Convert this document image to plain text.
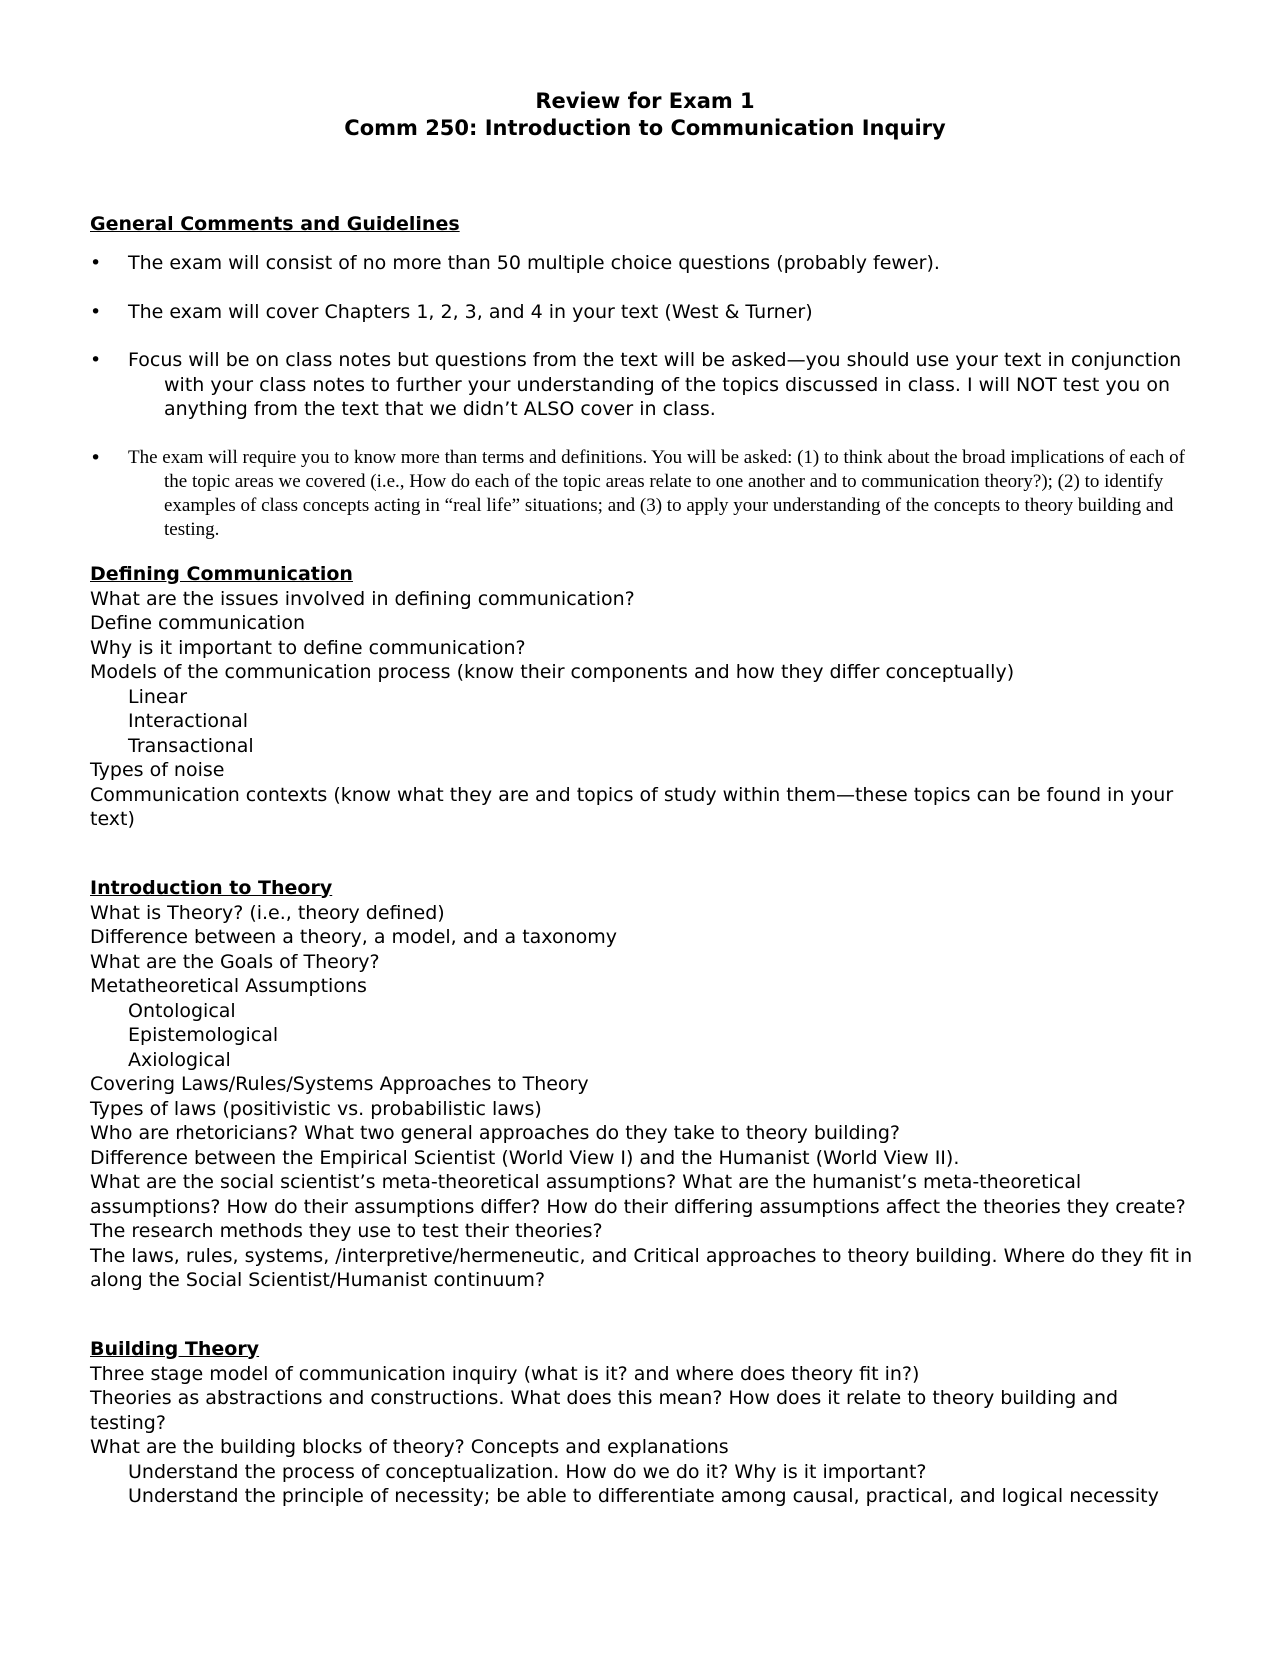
Review for Exam 1
Comm 250: Introduction to Communication Inquiry
General Comments and Guidelines
• The exam will consist of no more than 50 multiple choice questions (probably fewer).
• The exam will cover Chapters 1, 2, 3, and 4 in your text (West & Turner)
•	Focus will be on class notes but questions from the text will be asked—you should use your text in conjunction with your class notes to further your understanding of the topics discussed in class. I will NOT test you on anything from the text that we didn’t ALSO cover in class.
•	The exam will require you to know more than terms and definitions. You will be asked: (1) to think about the broad implications of each of the topic areas we covered (i.e., How do each of the topic areas relate to one another and to communication theory?); (2) to identify examples of class concepts acting in “real life” situations; and (3) to apply your understanding of the concepts to theory building and testing.
Defining Communication
What are the issues involved in defining communication?
Define communication
Why is it important to define communication?
Models of the communication process (know their components and how they differ conceptually)
Linear
Interactional
Transactional
Types of noise
Communication contexts (know what they are and topics of study within them—these topics can be found in your text)
Introduction to Theory
What is Theory? (i.e., theory defined)
Difference between a theory, a model, and a taxonomy
What are the Goals of Theory?
Metatheoretical Assumptions
Ontological
Epistemological
Axiological
Covering Laws/Rules/Systems Approaches to Theory
Types of laws (positivistic vs. probabilistic laws)
Who are rhetoricians? What two general approaches do they take to theory building?
Difference between the Empirical Scientist (World View I) and the Humanist (World View II).
What are the social scientist’s meta-theoretical assumptions? What are the humanist’s meta-theoretical assumptions? How do their assumptions differ? How do their differing assumptions affect the theories they create? The research methods they use to test their theories?
The laws, rules, systems, /interpretive/hermeneutic, and Critical approaches to theory building. Where do they fit in along the Social Scientist/Humanist continuum?
Building Theory
Three stage model of communication inquiry (what is it? and where does theory fit in?)
Theories as abstractions and constructions. What does this mean? How does it relate to theory building and testing?
What are the building blocks of theory? Concepts and explanations
Understand the process of conceptualization. How do we do it? Why is it important?
Understand the principle of necessity; be able to differentiate among causal, practical, and logical necessity
